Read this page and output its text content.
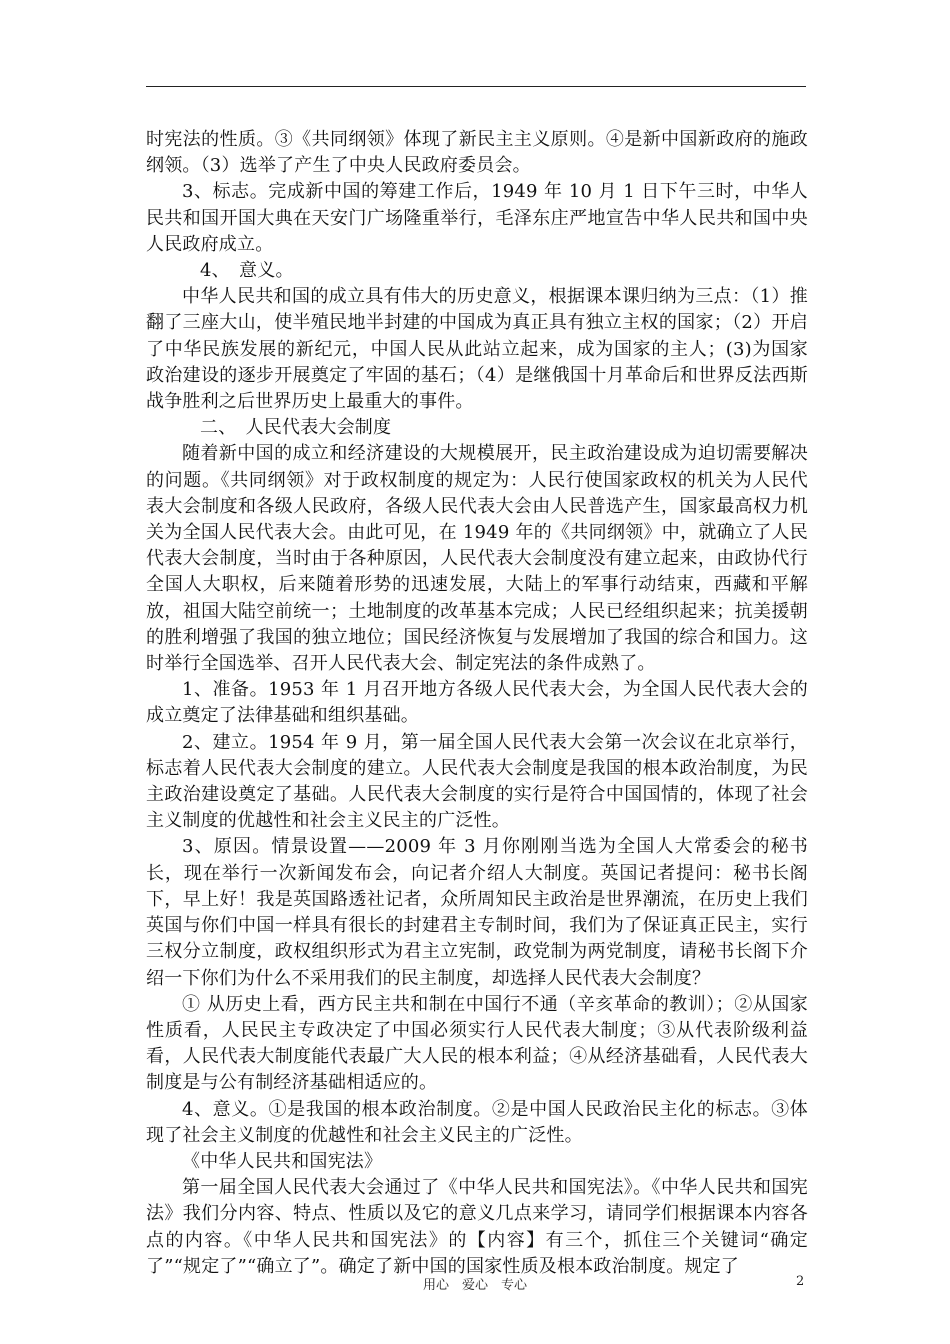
时宪法的性质。③《共同纲领》体现了新民主主义原则。④是新中国新政府的施政纲领。（3）选举了产生了中央人民政府委员会。

3、标志。完成新中国的筹建工作后，1949 年 10 月 1 日下午三时，中华人民共和国开国大典在天安门广场隆重举行，毛泽东庄严地宣告中华人民共和国中央人民政府成立。

4、　意义。

中华人民共和国的成立具有伟大的历史意义，根据课本课归纳为三点：（1）推翻了三座大山，使半殖民地半封建的中国成为真正具有独立主权的国家；（2）开启了中华民族发展的新纪元，中国人民从此站立起来，成为国家的主人；(3)为国家政治建设的逐步开展奠定了牢固的基石；（4）是继俄国十月革命后和世界反法西斯战争胜利之后世界历史上最重大的事件。

二、　人民代表大会制度

随着新中国的成立和经济建设的大规模展开，民主政治建设成为迫切需要解决的问题。《共同纲领》对于政权制度的规定为：人民行使国家政权的机关为人民代表大会制度和各级人民政府，各级人民代表大会由人民普选产生，国家最高权力机关为全国人民代表大会。由此可见，在 1949 年的《共同纲领》中，就确立了人民代表大会制度，当时由于各种原因，人民代表大会制度没有建立起来，由政协代行全国人大职权，后来随着形势的迅速发展，大陆上的军事行动结束，西藏和平解放，祖国大陆空前统一；土地制度的改革基本完成；人民已经组织起来；抗美援朝的胜利增强了我国的独立地位；国民经济恢复与发展增加了我国的综合和国力。这时举行全国选举、召开人民代表大会、制定宪法的条件成熟了。

1、准备。1953 年 1 月召开地方各级人民代表大会，为全国人民代表大会的成立奠定了法律基础和组织基础。

2、建立。1954 年 9 月，第一届全国人民代表大会第一次会议在北京举行，标志着人民代表大会制度的建立。人民代表大会制度是我国的根本政治制度，为民主政治建设奠定了基础。人民代表大会制度的实行是符合中国国情的，体现了社会主义制度的优越性和社会主义民主的广泛性。

3、原因。情景设置——2009 年 3 月你刚刚当选为全国人大常委会的秘书长，现在举行一次新闻发布会，向记者介绍人大制度。英国记者提问：秘书长阁下，早上好！我是英国路透社记者，众所周知民主政治是世界潮流，在历史上我们英国与你们中国一样具有很长的封建君主专制时间，我们为了保证真正民主，实行三权分立制度，政权组织形式为君主立宪制，政党制为两党制度，请秘书长阁下介绍一下你们为什么不采用我们的民主制度，却选择人民代表大会制度？

① 从历史上看，西方民主共和制在中国行不通（辛亥革命的教训）；②从国家性质看，人民民主专政决定了中国必须实行人民代表大制度；③从代表阶级利益看，人民代表大制度能代表最广大人民的根本利益；④从经济基础看，人民代表大制度是与公有制经济基础相适应的。

4、意义。①是我国的根本政治制度。②是中国人民政治民主化的标志。③体现了社会主义制度的优越性和社会主义民主的广泛性。

《中华人民共和国宪法》

第一届全国人民代表大会通过了《中华人民共和国宪法》。《中华人民共和国宪法》我们分内容、特点、性质以及它的意义几点来学习，请同学们根据课本内容各点的内容。《中华人民共和国宪法》的【内容】有三个，抓住三个关键词“确定了”“规定了”“确立了”。确定了新中国的国家性质及根本政治制度。规定了

用心　爱心　专心	2
